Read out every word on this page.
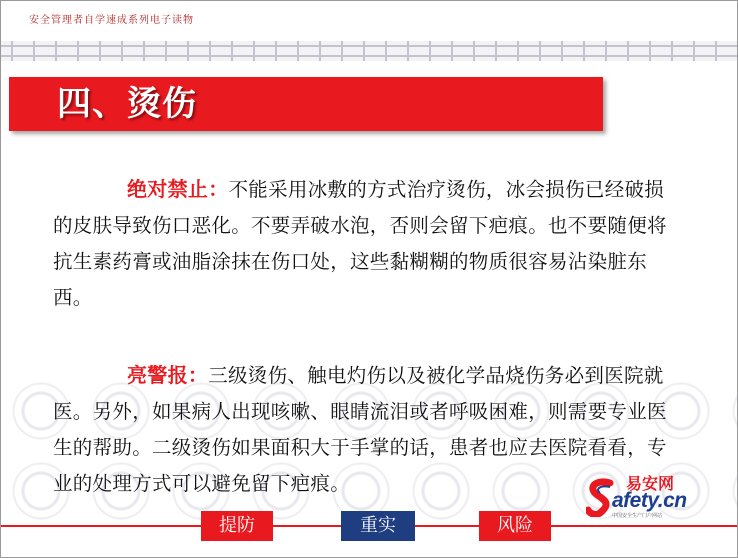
安全管理者自学速成系列电子读物
四、烫伤

绝对禁止：不能采用冰敷的方式治疗烫伤，冰会损伤已经破损的皮肤导致伤口恶化。不要弄破水泡，否则会留下疤痕。也不要随便将抗生素药膏或油脂涂抹在伤口处，这些黏糊糊的物质很容易沾染脏东西。

亮警报：三级烫伤、触电灼伤以及被化学品烧伤务必到医院就医。另外，如果病人出现咳嗽、眼睛流泪或者呼吸困难，则需要专业医生的帮助。二级烫伤如果面积大于手掌的话，患者也应去医院看看，专业的处理方式可以避免留下疤痕。	易安网
afety.cn
中国安全生产门户网站
提防	重实	风险
